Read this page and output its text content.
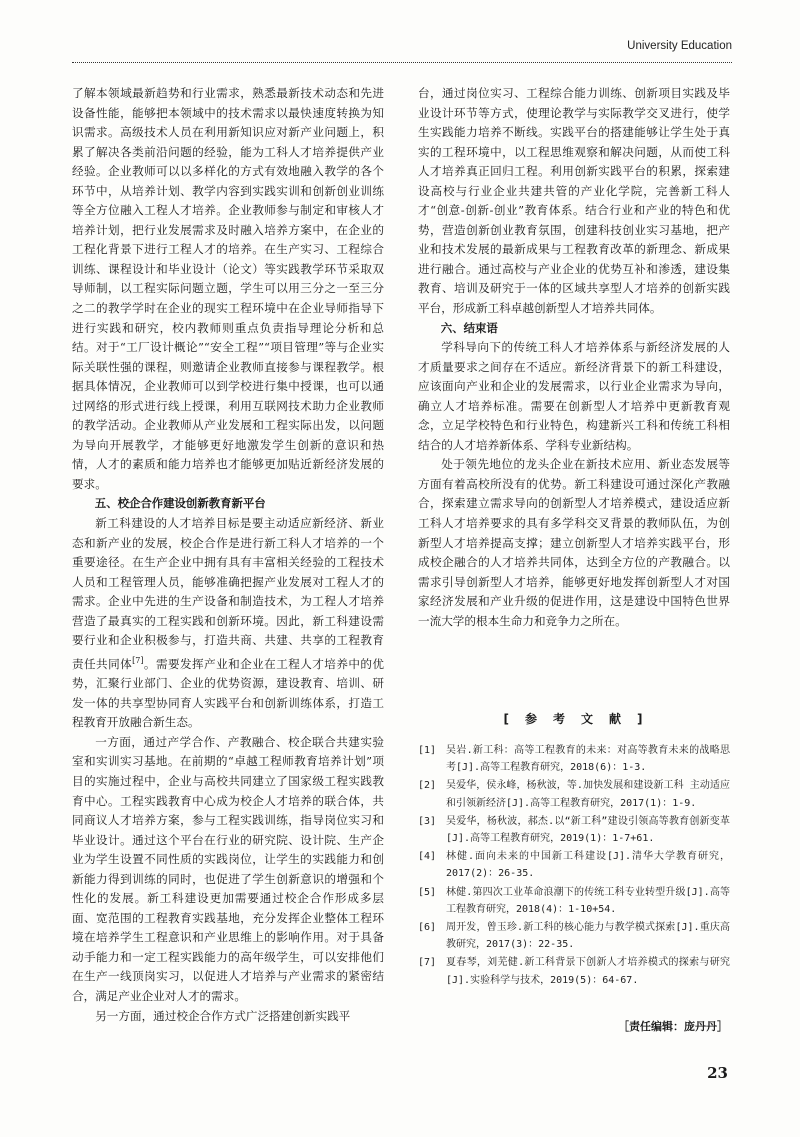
University Education

了解本领域最新趋势和行业需求，熟悉最新技术动态和先进设备性能，能够把本领域中的技术需求以最快速度转换为知识需求。高级技术人员在利用新知识应对新产业问题上，积累了解决各类前沿问题的经验，能为工科人才培养提供产业经验。企业教师可以以多样化的方式有效地融入教学的各个环节中，从培养计划、教学内容到实践实训和创新创业训练等全方位融入工程人才培养。企业教师参与制定和审核人才培养计划，把行业发展需求及时融入培养方案中，在企业的工程化背景下进行工程人才的培养。在生产实习、工程综合训练、课程设计和毕业设计（论文）等实践教学环节采取双导师制，以工程实际问题立题，学生可以用三分之一至三分之二的教学学时在企业的现实工程环境中在企业导师指导下进行实践和研究，校内教师则重点负责指导理论分析和总结。对于“工厂设计概论”“安全工程”“项目管理”等与企业实际关联性强的课程，则邀请企业教师直接参与课程教学。根据具体情况，企业教师可以到学校进行集中授课，也可以通过网络的形式进行线上授课，利用互联网技术助力企业教师的教学活动。企业教师从产业发展和工程实际出发，以问题为导向开展教学，才能够更好地激发学生创新的意识和热情，人才的素质和能力培养也才能够更加贴近新经济发展的要求。

五、校企合作建设创新教育新平台

新工科建设的人才培养目标是要主动适应新经济、新业态和新产业的发展，校企合作是进行新工科人才培养的一个重要途径。在生产企业中拥有具有丰富相关经验的工程技术人员和工程管理人员，能够准确把握产业发展对工程人才的需求。企业中先进的生产设备和制造技术，为工程人才培养营造了最真实的工程实践和创新环境。因此，新工科建设需要行业和企业积极参与，打造共商、共建、共享的工程教育责任共同体[7]。需要发挥产业和企业在工程人才培养中的优势，汇聚行业部门、企业的优势资源，建设教育、培训、研发一体的共享型协同育人实践平台和创新训练体系，打造工程教育开放融合新生态。

一方面，通过产学合作、产教融合、校企联合共建实验室和实训实习基地。在前期的“卓越工程师教育培养计划”项目的实施过程中，企业与高校共同建立了国家级工程实践教育中心。工程实践教育中心成为校企人才培养的联合体，共同商议人才培养方案，参与工程实践训练，指导岗位实习和毕业设计。通过这个平台在行业的研究院、设计院、生产企业为学生设置不同性质的实践岗位，让学生的实践能力和创新能力得到训练的同时，也促进了学生创新意识的增强和个性化的发展。新工科建设更加需要通过校企合作形成多层面、宽范围的工程教育实践基地，充分发挥企业整体工程环境在培养学生工程意识和产业思维上的影响作用。对于具备动手能力和一定工程实践能力的高年级学生，可以安排他们在生产一线顶岗实习，以促进人才培养与产业需求的紧密结合，满足产业企业对人才的需求。

另一方面，通过校企合作方式广泛搭建创新实践平

台，通过岗位实习、工程综合能力训练、创新项目实践及毕业设计环节等方式，使理论教学与实际教学交叉进行，使学生实践能力培养不断线。实践平台的搭建能够让学生处于真实的工程环境中，以工程思维观察和解决问题，从而使工科人才培养真正回归工程。利用创新实践平台的积累，探索建设高校与行业企业共建共管的产业化学院，完善新工科人才“创意-创新-创业”教育体系。结合行业和产业的特色和优势，营造创新创业教育氛围，创建科技创业实习基地，把产业和技术发展的最新成果与工程教育改革的新理念、新成果进行融合。通过高校与产业企业的优势互补和渗透，建设集教育、培训及研究于一体的区域共享型人才培养的创新实践平台，形成新工科卓越创新型人才培养共同体。

六、结束语

学科导向下的传统工科人才培养体系与新经济发展的人才质量要求之间存在不适应。新经济背景下的新工科建设，应该面向产业和企业的发展需求，以行业企业需求为导向，确立人才培养标准。需要在创新型人才培养中更新教育观念，立足学校特色和行业特色，构建新兴工科和传统工科相结合的人才培养新体系、学科专业新结构。

处于领先地位的龙头企业在新技术应用、新业态发展等方面有着高校所没有的优势。新工科建设可通过深化产教融合，探索建立需求导向的创新型人才培养模式，建设适应新工科人才培养要求的具有多学科交叉背景的教师队伍，为创新型人才培养提高支撑；建立创新型人才培养实践平台，形成校企融合的人才培养共同体，达到全方位的产教融合。以需求引导创新型人才培养，能够更好地发挥创新型人才对国家经济发展和产业升级的促进作用，这是建设中国特色世界一流大学的根本生命力和竞争力之所在。

[　参　考　文　献　]
[1] 吴岩.新工科：高等工程教育的未来：对高等教育未来的战略思考[J].高等工程教育研究，2018(6)：1-3.
[2] 吴爱华，侯永峰，杨秋波，等.加快发展和建设新工科 主动适应和引领新经济[J].高等工程教育研究，2017(1)：1-9.
[3] 吴爱华，杨秋波，郝杰.以“新工科”建设引领高等教育创新变革[J].高等工程教育研究，2019(1)：1-7+61.
[4] 林健.面向未来的中国新工科建设[J].清华大学教育研究，2017(2)：26-35.
[5] 林健.第四次工业革命浪潮下的传统工科专业转型升级[J].高等工程教育研究，2018(4)：1-10+54.
[6] 周开发，曾玉珍.新工科的核心能力与教学模式探索[J].重庆高教研究，2017(3)：22-35.
[7] 夏春琴，刘芜健.新工科背景下创新人才培养模式的探索与研究[J].实验科学与技术，2019(5)：64-67.
［责任编辑：庞丹丹］
23
